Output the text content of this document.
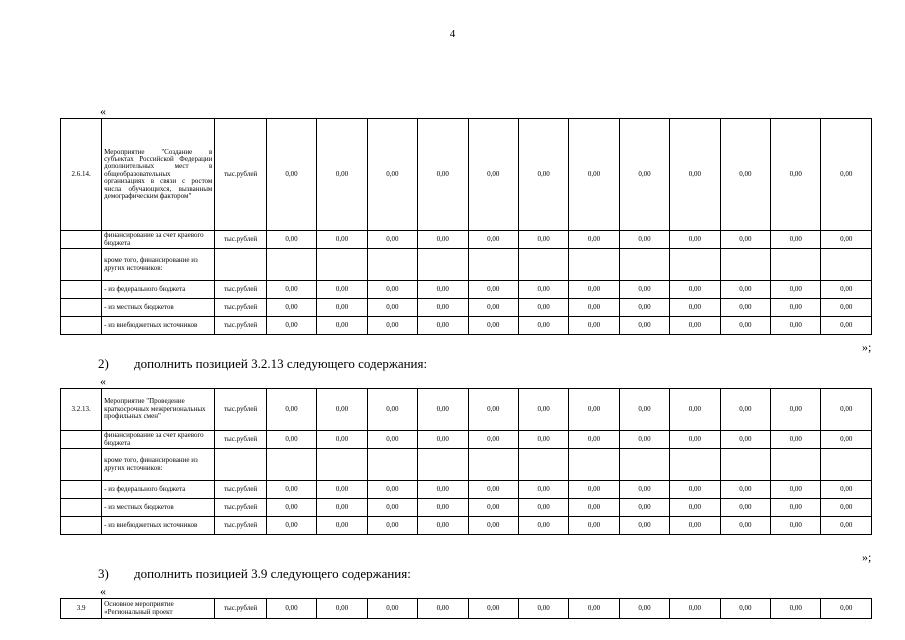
4
«
2.6.14.	Мероприятие "Создание в субъектах Российской Федерации дополнительных мест в общеобразовательных организациях в связи с ростом числа обучающихся, вызванным демографическим фактором"	тыс.рублей	0,00	0,00	0,00	0,00	0,00	0,00	0,00	0,00	0,00	0,00	0,00	0,00
	финансирование за счет краевого бюджета	тыс.рублей	0,00	0,00	0,00	0,00	0,00	0,00	0,00	0,00	0,00	0,00	0,00	0,00
	кроме того, финансирование из других источников:													
	- из федерального бюджета	тыс.рублей	0,00	0,00	0,00	0,00	0,00	0,00	0,00	0,00	0,00	0,00	0,00	0,00
	- из местных бюджетов	тыс.рублей	0,00	0,00	0,00	0,00	0,00	0,00	0,00	0,00	0,00	0,00	0,00	0,00
	- из внебюджетных источников	тыс.рублей	0,00	0,00	0,00	0,00	0,00	0,00	0,00	0,00	0,00	0,00	0,00	0,00
»;
2) дополнить позицией 3.2.13 следующего содержания:
«
3.2.13.	Мероприятие "Проведение краткосрочных межрегиональных профильных смен"	тыс.рублей	0,00	0,00	0,00	0,00	0,00	0,00	0,00	0,00	0,00	0,00	0,00	0,00
	финансирование за счет краевого бюджета	тыс.рублей	0,00	0,00	0,00	0,00	0,00	0,00	0,00	0,00	0,00	0,00	0,00	0,00
	кроме того, финансирование из других источников:													
	- из федерального бюджета	тыс.рублей	0,00	0,00	0,00	0,00	0,00	0,00	0,00	0,00	0,00	0,00	0,00	0,00
	- из местных бюджетов	тыс.рублей	0,00	0,00	0,00	0,00	0,00	0,00	0,00	0,00	0,00	0,00	0,00	0,00
	- из внебюджетных источников	тыс.рублей	0,00	0,00	0,00	0,00	0,00	0,00	0,00	0,00	0,00	0,00	0,00	0,00
»;
3) дополнить позицией 3.9 следующего содержания:
«
3.9	Основное мероприятие «Региональный проект	тыс.рублей	0,00	0,00	0,00	0,00	0,00	0,00	0,00	0,00	0,00	0,00	0,00	0,00
